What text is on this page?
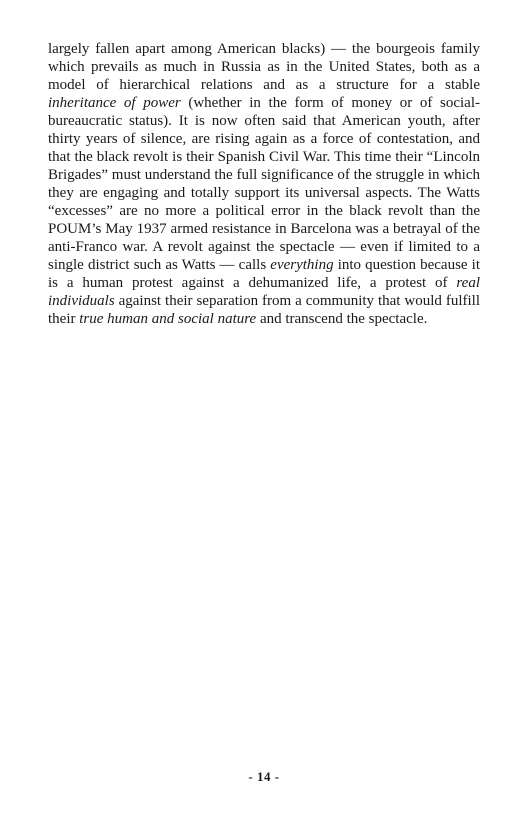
largely fallen apart among American blacks) — the bourgeois family which prevails as much in Russia as in the United States, both as a model of hierarchical relations and as a structure for a stable inheritance of power (whether in the form of money or of social-bureaucratic status). It is now often said that American youth, after thirty years of silence, are rising again as a force of contestation, and that the black revolt is their Spanish Civil War. This time their “Lincoln Brigades” must understand the full significance of the struggle in which they are engaging and totally support its universal aspects. The Watts “excesses” are no more a political error in the black revolt than the POUM’s May 1937 armed resistance in Barcelona was a betrayal of the anti-Franco war. A revolt against the spectacle — even if limited to a single district such as Watts — calls everything into question because it is a human protest against a dehumanized life, a protest of real individuals against their separation from a community that would fulfill their true human and social nature and transcend the spectacle.

- 14 -
